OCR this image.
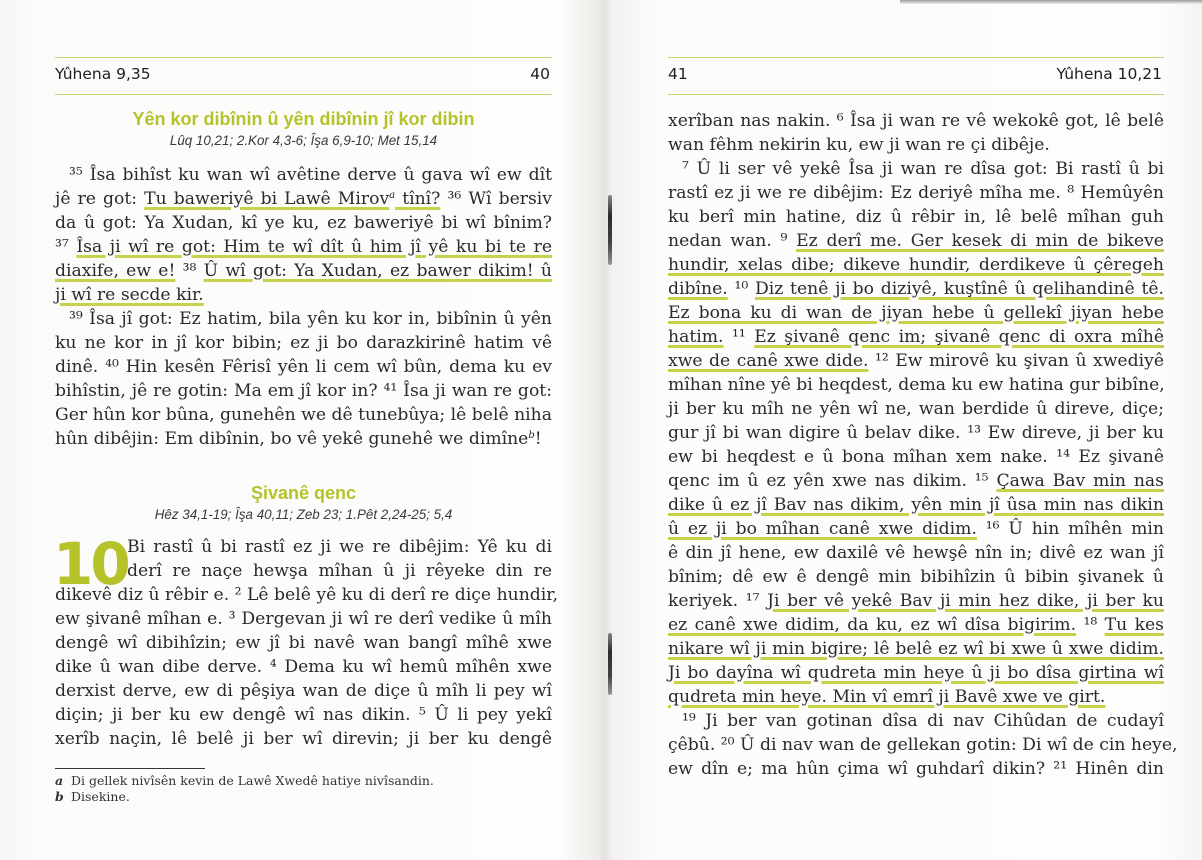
Yûhena 9,35	40
Yên kor dibînin û yên dibînin jî kor dibin
Lûq 10,21; 2.Kor 4,3-6; Îşa 6,9-10; Met 15,14
³⁵ Îsa bihîst ku wan wî avêtine derve û gava wî ew dît
jê re got: Tu baweriyê bi Lawê Mirov$^a$ tînî? ³⁶ Wî bersiv
da û got: Ya Xudan, kî ye ku, ez baweriyê bi wî bînim?
³⁷ Îsa ji wî re got: Him te wî dît û him jî yê ku bi te re
diaxife, ew e! ³⁸ Û wî got: Ya Xudan, ez bawer dikim! û
ji wî re secde kir.
³⁹ Îsa jî got: Ez hatim, bila yên ku kor in, bibînin û yên
ku ne kor in jî kor bibin; ez ji bo darazkirinê hatim vê
dinê. ⁴⁰ Hin kesên Fêrisî yên li cem wî bûn, dema ku ev
bihîstin, jê re gotin: Ma em jî kor in? ⁴¹ Îsa ji wan re got:
Ger hûn kor bûna, gunehên we dê tunebûya; lê belê niha
hûn dibêjin: Em dibînin, bo vê yekê gunehê we dimîne$^b$!
Şivanê qenc
Hêz 34,1-19; Îşa 40,11; Zeb 23; 1.Pêt 2,24-25; 5,4
10 Bi rastî û bi rastî ez ji we re dibêjim: Yê ku di
derî re naçe hewşa mîhan û ji rêyeke din re
dikevê diz û rêbir e. ² Lê belê yê ku di derî re diçe hundir,
ew şivanê mîhan e. ³ Dergevan ji wî re derî vedike û mîh
dengê wî dibihîzin; ew jî bi navê wan bangî mîhê xwe
dike û wan dibe derve. ⁴ Dema ku wî hemû mîhên xwe
derxist derve, ew di pêşiya wan de diçe û mîh li pey wî
diçin; ji ber ku ew dengê wî nas dikin. ⁵ Û li pey yekî
xerîb naçin, lê belê ji ber wî direvin; ji ber ku dengê
a Di gellek nivîsên kevin de Lawê Xwedê hatiye nivîsandin.
b Disekine.
41	Yûhena 10,21
xerîban nas nakin. ⁶ Îsa ji wan re vê wekokê got, lê belê
wan fêhm nekirin ku, ew ji wan re çi dibêje.
⁷ Û li ser vê yekê Îsa ji wan re dîsa got: Bi rastî û bi
rastî ez ji we re dibêjim: Ez deriyê mîha me. ⁸ Hemûyên
ku berî min hatine, diz û rêbir in, lê belê mîhan guh
nedan wan. ⁹ Ez derî me. Ger kesek di min de bikeve
hundir, xelas dibe; dikeve hundir, derdikeve û çêregeh
dibîne. ¹⁰ Diz tenê ji bo diziyê, kuştînê û qelihandinê tê.
Ez bona ku di wan de jiyan hebe û gellekî jiyan hebe
hatim. ¹¹ Ez şivanê qenc im; şivanê qenc di oxra mîhê
xwe de canê xwe dide. ¹² Ew mirovê ku şivan û xwediyê
mîhan nîne yê bi heqdest, dema ku ew hatina gur bibîne,
ji ber ku mîh ne yên wî ne, wan berdide û direve, diçe;
gur jî bi wan digire û belav dike. ¹³ Ew direve, ji ber ku
ew bi heqdest e û bona mîhan xem nake. ¹⁴ Ez şivanê
qenc im û ez yên xwe nas dikim. ¹⁵ Çawa Bav min nas
dike û ez jî Bav nas dikim, yên min jî ûsa min nas dikin
û ez ji bo mîhan canê xwe didim. ¹⁶ Û hin mîhên min
ê din jî hene, ew daxilê vê hewşê nîn in; divê ez wan jî
bînim; dê ew ê dengê min bibihîzin û bibin şivanek û
keriyek. ¹⁷ Ji ber vê yekê Bav ji min hez dike, ji ber ku
ez canê xwe didim, da ku, ez wî dîsa bigirim. ¹⁸ Tu kes
nikare wî ji min bigire; lê belê ez wî bi xwe û xwe didim.
Ji bo dayîna wî qudreta min heye û ji bo dîsa girtina wî
qudreta min heye. Min vî emrî ji Bavê xwe ve girt.
¹⁹ Ji ber van gotinan dîsa di nav Cihûdan de cudayî
çêbû. ²⁰ Û di nav wan de gellekan gotin: Di wî de cin heye,
ew dîn e; ma hûn çima wî guhdarî dikin? ²¹ Hinên din
